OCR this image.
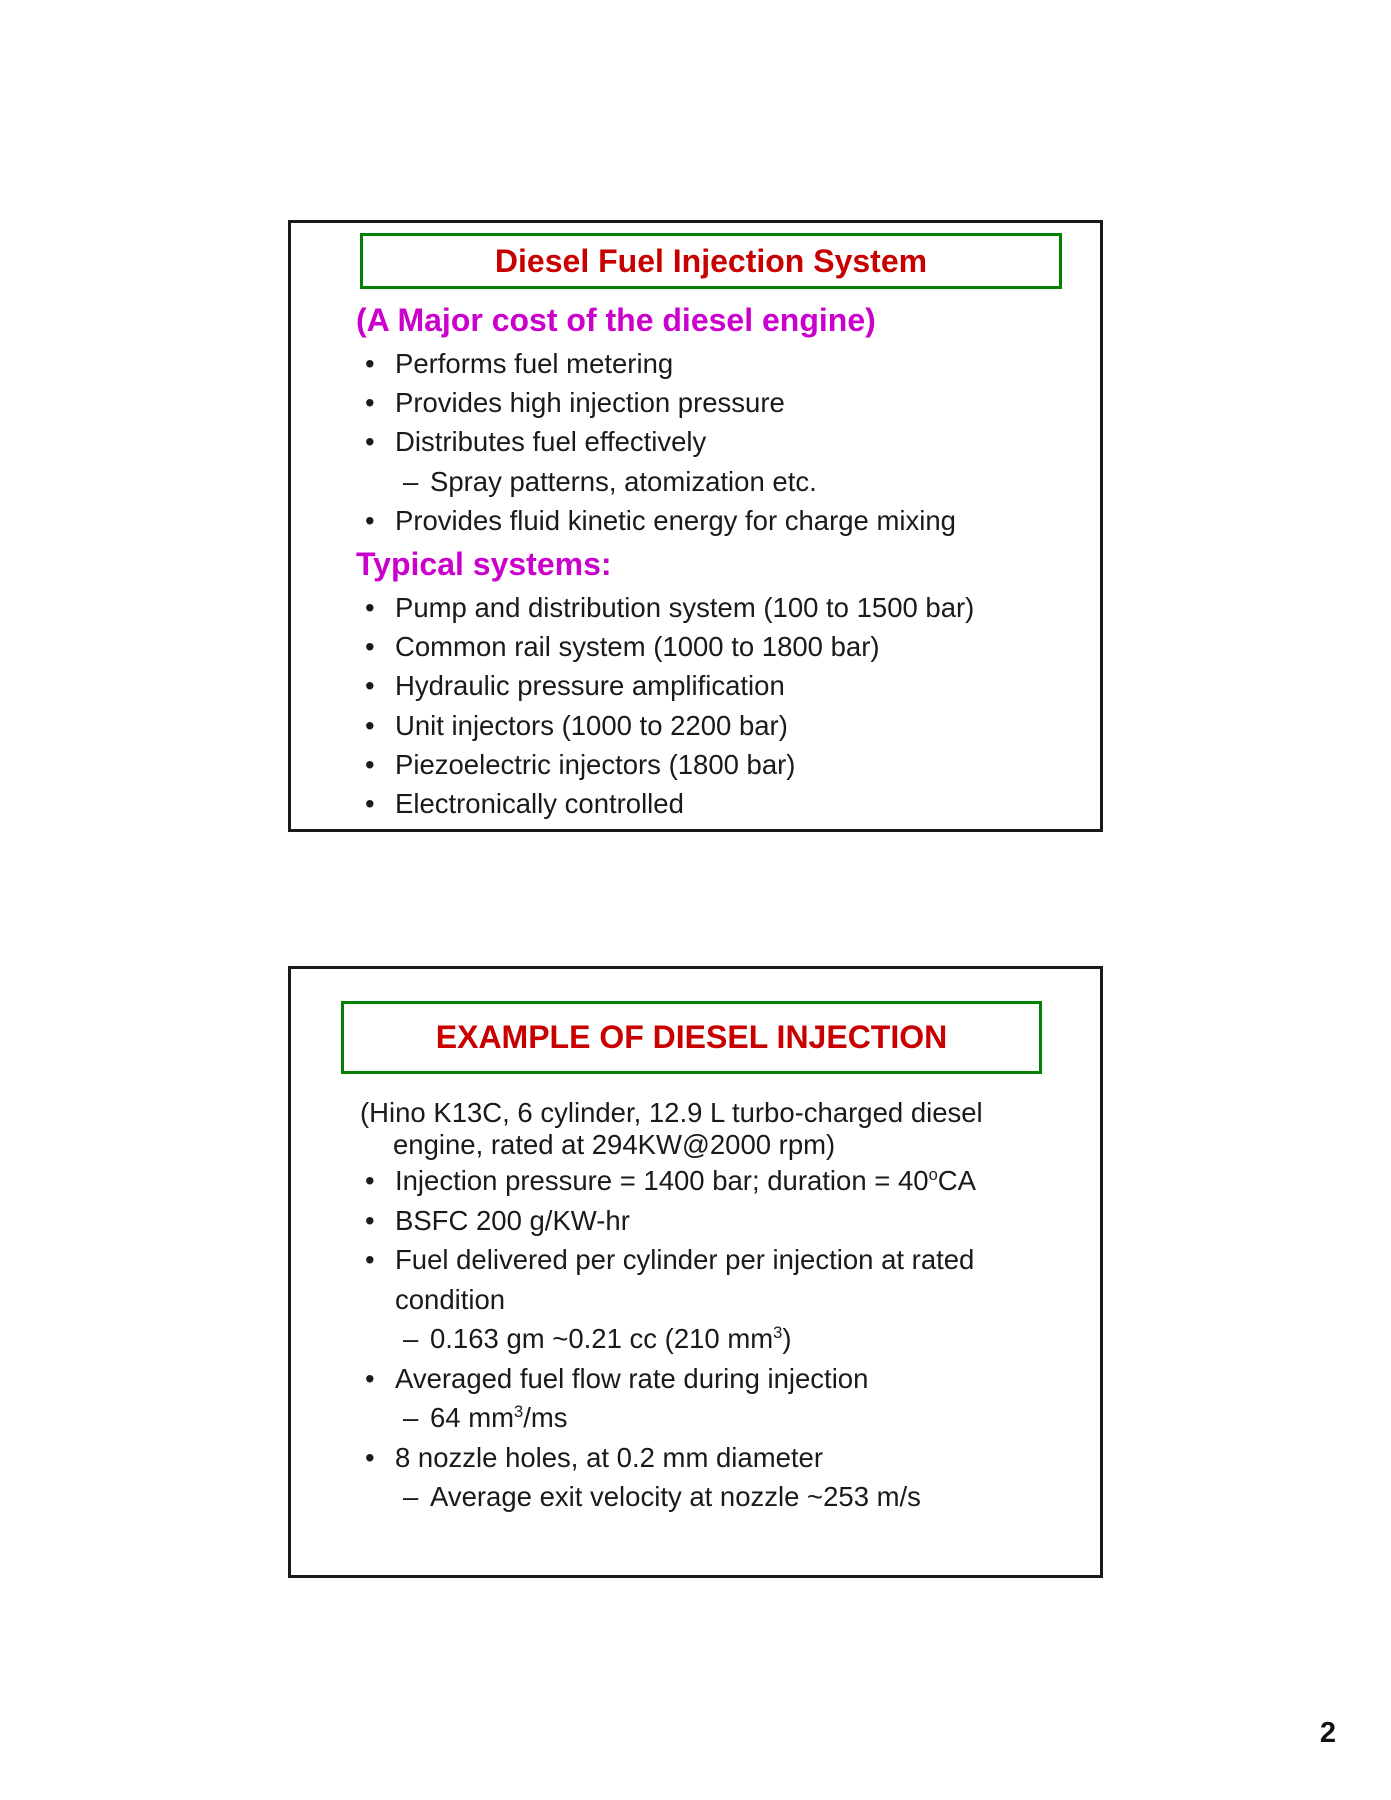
Diesel Fuel Injection System
(A Major cost of the diesel engine)
• Performs fuel metering
• Provides high injection pressure
• Distributes fuel effectively
– Spray patterns, atomization etc.
• Provides fluid kinetic energy for charge mixing
Typical systems:
• Pump and distribution system (100 to 1500 bar)
• Common rail system (1000 to 1800 bar)
• Hydraulic pressure amplification
• Unit injectors (1000 to 2200 bar)
• Piezoelectric injectors (1800 bar)
• Electronically controlled
EXAMPLE OF DIESEL INJECTION
(Hino K13C, 6 cylinder, 12.9 L turbo-charged diesel
engine, rated at 294KW@2000 rpm)
• Injection pressure = 1400 bar; duration = $40^oCA$
• BSFC 200 g/KW-hr
• Fuel delivered per cylinder per injection at rated
condition
– 0.163 gm ~0.21 cc (210 $mm^3$)
• Averaged fuel flow rate during injection
– 64 $mm^3/ms$
• 8 nozzle holes, at 0.2 mm diameter
– Average exit velocity at nozzle ~253 m/s
2
